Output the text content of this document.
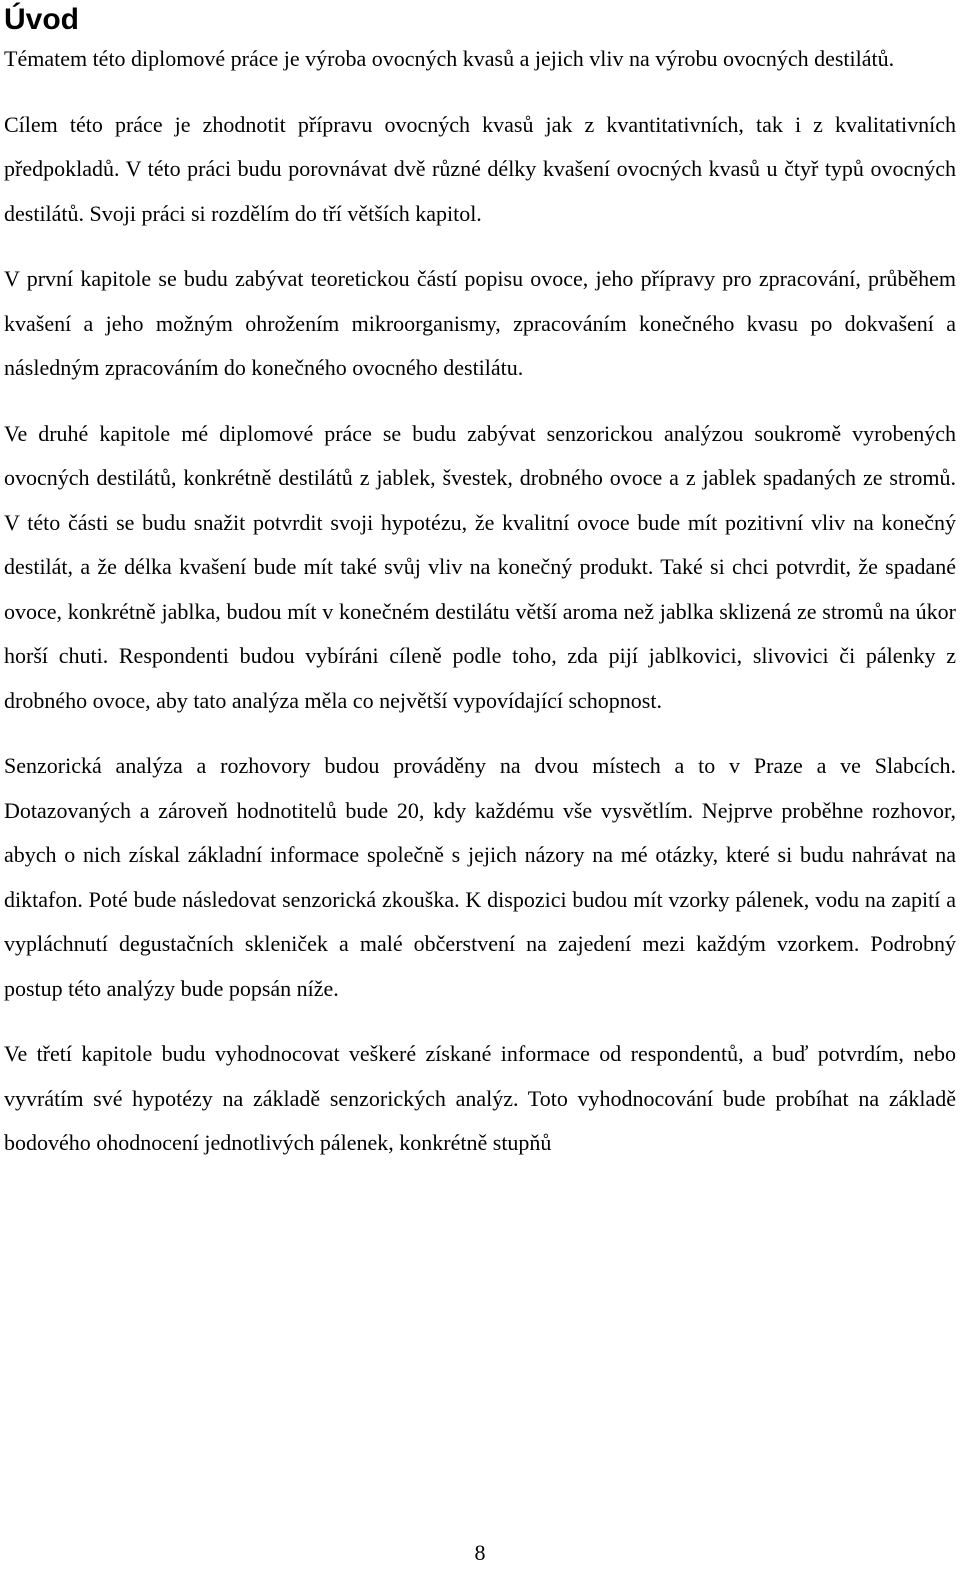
Úvod

Tématem této diplomové práce je výroba ovocných kvasů a jejich vliv na výrobu ovocných destilátů.

Cílem této práce je zhodnotit přípravu ovocných kvasů jak z kvantitativních, tak i z kvalitativních předpokladů. V této práci budu porovnávat dvě různé délky kvašení ovocných kvasů u čtyř typů ovocných destilátů. Svoji práci si rozdělím do tří větších kapitol.

V první kapitole se budu zabývat teoretickou částí popisu ovoce, jeho přípravy pro zpracování, průběhem kvašení a jeho možným ohrožením mikroorganismy, zpracováním konečného kvasu po dokvašení a následným zpracováním do konečného ovocného destilátu.

Ve druhé kapitole mé diplomové práce se budu zabývat senzorickou analýzou soukromě vyrobených ovocných destilátů, konkrétně destilátů z jablek, švestek, drobného ovoce a z jablek spadaných ze stromů. V této části se budu snažit potvrdit svoji hypotézu, že kvalitní ovoce bude mít pozitivní vliv na konečný destilát, a že délka kvašení bude mít také svůj vliv na konečný produkt. Také si chci potvrdit, že spadané ovoce, konkrétně jablka, budou mít v konečném destilátu větší aroma než jablka sklizená ze stromů na úkor horší chuti. Respondenti budou vybíráni cíleně podle toho, zda pijí jablkovici, slivovici či pálenky z drobného ovoce, aby tato analýza měla co největší vypovídající schopnost.

Senzorická analýza a rozhovory budou prováděny na dvou místech a to v Praze a ve Slabcích. Dotazovaných a zároveň hodnotitelů bude 20, kdy každému vše vysvětlím. Nejprve proběhne rozhovor, abych o nich získal základní informace společně s jejich názory na mé otázky, které si budu nahrávat na diktafon. Poté bude následovat senzorická zkouška. K dispozici budou mít vzorky pálenek, vodu na zapití a vypláchnutí degustačních skleniček a malé občerstvení na zajedení mezi každým vzorkem. Podrobný postup této analýzy bude popsán níže.

Ve třetí kapitole budu vyhodnocovat veškeré získané informace od respondentů, a buď potvrdím, nebo vyvrátím své hypotézy na základě senzorických analýz. Toto vyhodnocování bude probíhat na základě bodového ohodnocení jednotlivých pálenek, konkrétně stupňů

8
